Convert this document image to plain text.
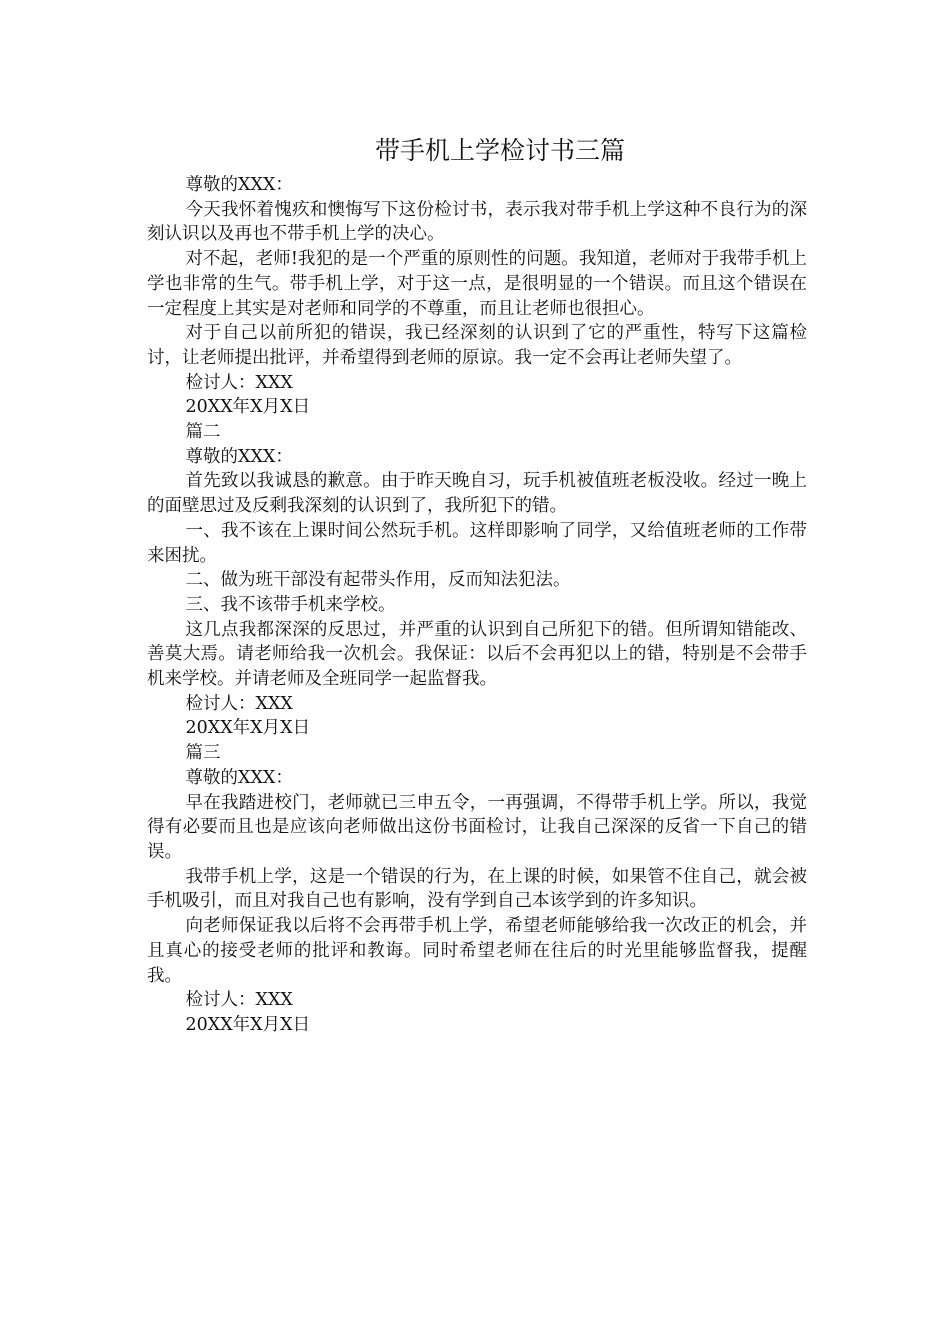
带手机上学检讨书三篇

尊敬的XXX：

今天我怀着愧疚和懊悔写下这份检讨书，表示我对带手机上学这种不良行为的深刻认识以及再也不带手机上学的决心。

对不起，老师!我犯的是一个严重的原则性的问题。我知道，老师对于我带手机上学也非常的生气。带手机上学，对于这一点，是很明显的一个错误。而且这个错误在一定程度上其实是对老师和同学的不尊重，而且让老师也很担心。

对于自己以前所犯的错误，我已经深刻的认识到了它的严重性，特写下这篇检讨，让老师提出批评，并希望得到老师的原谅。我一定不会再让老师失望了。

检讨人：XXX

20XX年X月X日

篇二

尊敬的XXX：

首先致以我诚恳的歉意。由于昨天晚自习，玩手机被值班老板没收。经过一晚上的面壁思过及反剩我深刻的认识到了，我所犯下的错。

一、我不该在上课时间公然玩手机。这样即影响了同学，又给值班老师的工作带来困扰。

二、做为班干部没有起带头作用，反而知法犯法。

三、我不该带手机来学校。

这几点我都深深的反思过，并严重的认识到自己所犯下的错。但所谓知错能改、善莫大焉。请老师给我一次机会。我保证：以后不会再犯以上的错，特别是不会带手机来学校。并请老师及全班同学一起监督我。

检讨人：XXX

20XX年X月X日

篇三

尊敬的XXX：

早在我踏进校门，老师就已三申五令，一再强调，不得带手机上学。所以，我觉得有必要而且也是应该向老师做出这份书面检讨，让我自己深深的反省一下自己的错误。

我带手机上学，这是一个错误的行为，在上课的时候，如果管不住自己，就会被手机吸引，而且对我自己也有影响，没有学到自己本该学到的许多知识。

向老师保证我以后将不会再带手机上学，希望老师能够给我一次改正的机会，并且真心的接受老师的批评和教诲。同时希望老师在往后的时光里能够监督我，提醒我。

检讨人：XXX

20XX年X月X日
